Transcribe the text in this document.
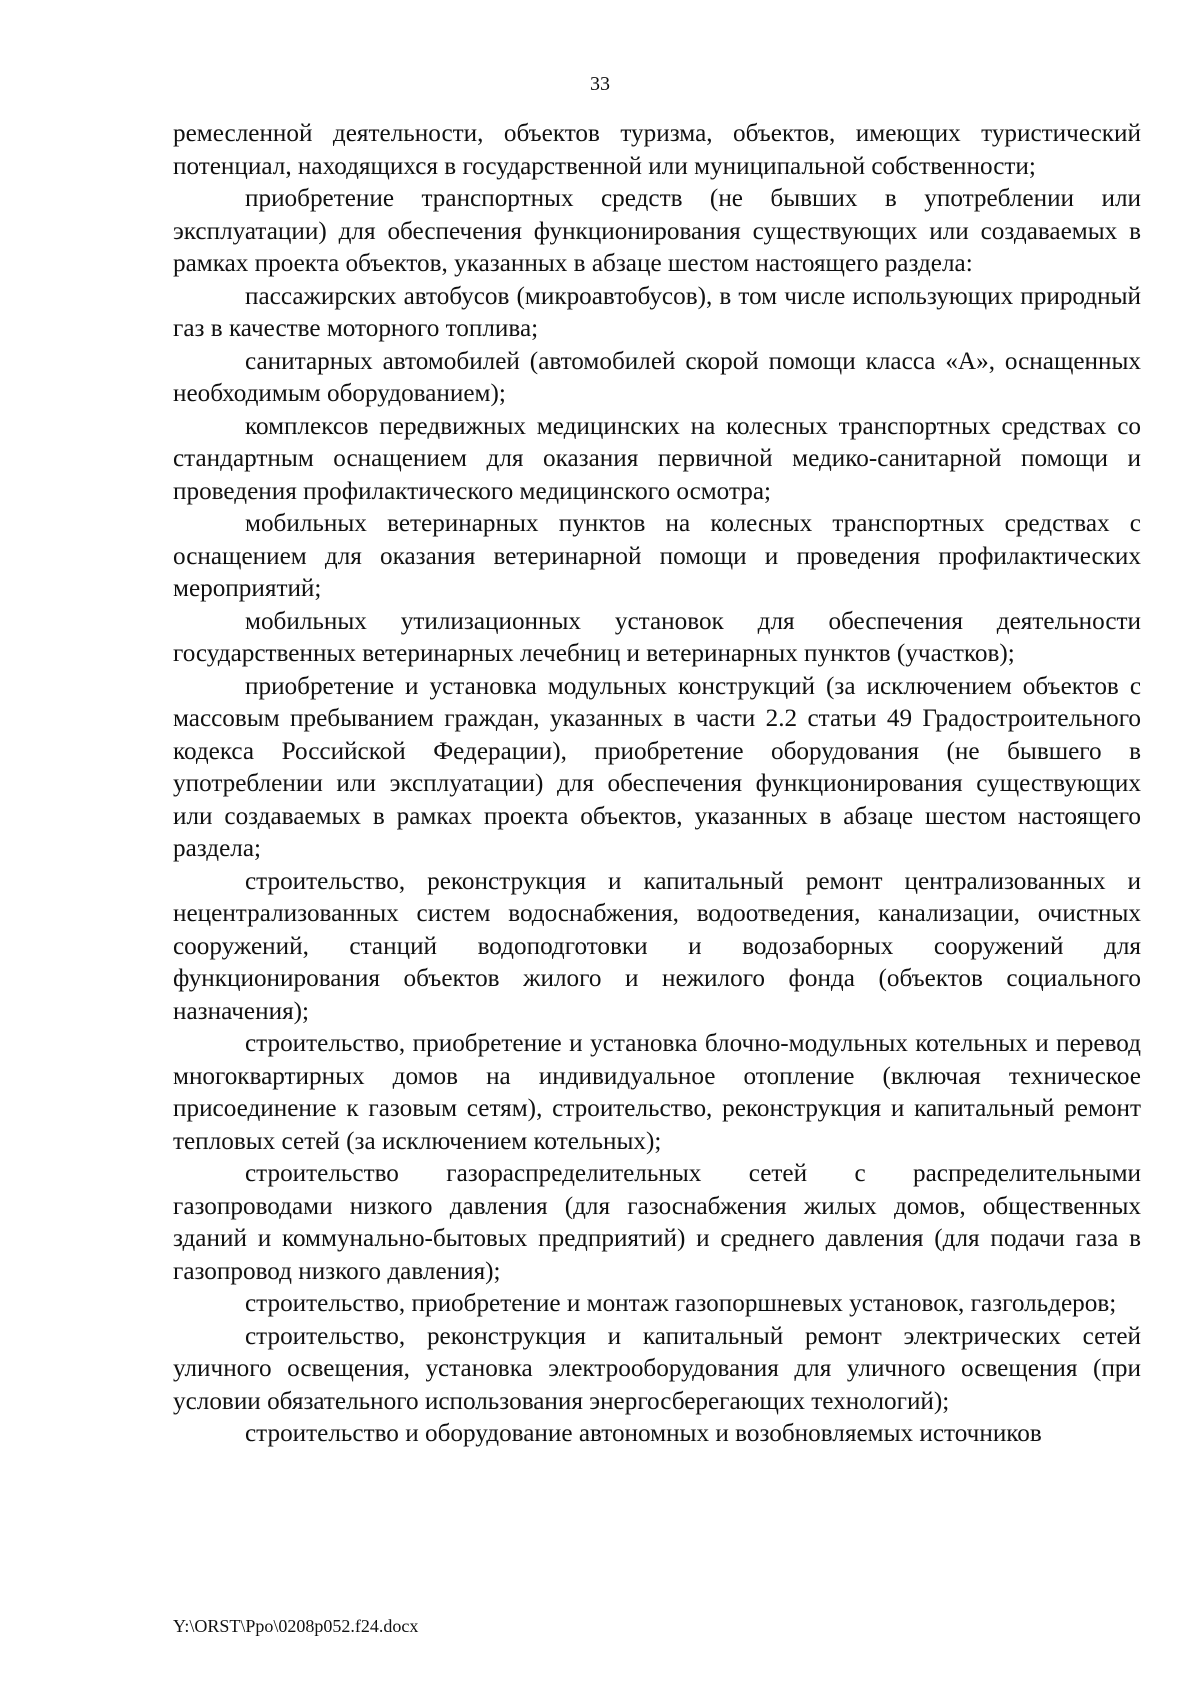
33

ремесленной деятельности, объектов туризма, объектов, имеющих туристический потенциал, находящихся в государственной или муниципальной собственности;

приобретение транспортных средств (не бывших в употреблении или эксплуатации) для обеспечения функционирования существующих или создаваемых в рамках проекта объектов, указанных в абзаце шестом настоящего раздела:

пассажирских автобусов (микроавтобусов), в том числе использующих природный газ в качестве моторного топлива;

санитарных автомобилей (автомобилей скорой помощи класса «А», оснащенных необходимым оборудованием);

комплексов передвижных медицинских на колесных транспортных средствах со стандартным оснащением для оказания первичной медико-санитарной помощи и проведения профилактического медицинского осмотра;

мобильных ветеринарных пунктов на колесных транспортных средствах с оснащением для оказания ветеринарной помощи и проведения профилактических мероприятий;

мобильных утилизационных установок для обеспечения деятельности государственных ветеринарных лечебниц и ветеринарных пунктов (участков);

приобретение и установка модульных конструкций (за исключением объектов с массовым пребыванием граждан, указанных в части 2.2 статьи 49 Градостроительного кодекса Российской Федерации), приобретение оборудования (не бывшего в употреблении или эксплуатации) для обеспечения функционирования существующих или создаваемых в рамках проекта объектов, указанных в абзаце шестом настоящего раздела;

строительство, реконструкция и капитальный ремонт централизованных и нецентрализованных систем водоснабжения, водоотведения, канализации, очистных сооружений, станций водоподготовки и водозаборных сооружений для функционирования объектов жилого и нежилого фонда (объектов социального назначения);

строительство, приобретение и установка блочно-модульных котельных и перевод многоквартирных домов на индивидуальное отопление (включая техническое присоединение к газовым сетям), строительство, реконструкция и капитальный ремонт тепловых сетей (за исключением котельных);

строительство газораспределительных сетей с распределительными газопроводами низкого давления (для газоснабжения жилых домов, общественных зданий и коммунально-бытовых предприятий) и среднего давления (для подачи газа в газопровод низкого давления);

строительство, приобретение и монтаж газопоршневых установок, газгольдеров;

строительство, реконструкция и капитальный ремонт электрических сетей уличного освещения, установка электрооборудования для уличного освещения (при условии обязательного использования энергосберегающих технологий);

строительство и оборудование автономных и возобновляемых источников

Y:\ORST\Ppo\0208p052.f24.docx
